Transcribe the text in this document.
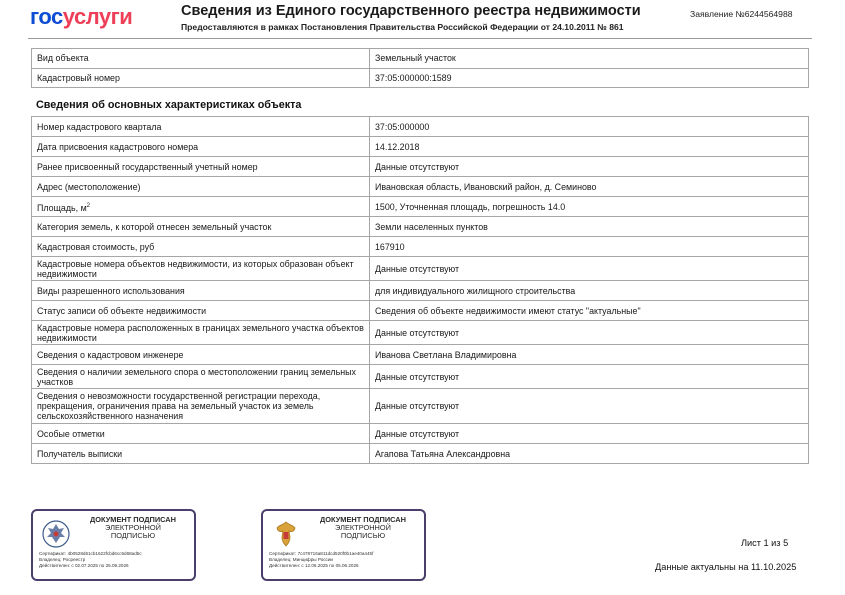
госуслуги	Сведения из Единого государственного реестра недвижимости
Предоставляются в рамках Постановления Правительства Российской Федерации от 24.10.2011 № 861
Заявление №6244564988
Вид объекта	Земельный участок
Кадастровый номер	37:05:000000:1589
Сведения об основных характеристиках объекта
Номер кадастрового квартала	37:05:000000
Дата присвоения кадастрового номера	14.12.2018
Ранее присвоенный государственный учетный номер	Данные отсутствуют
Адрес (местоположение)	Ивановская область, Ивановский район, д. Семиново
Площадь, $м^2$	1500, Уточненная площадь, погрешность 14.0
Категория земель, к которой отнесен земельный участок	Земли населенных пунктов
Кадастровая стоимость, руб	167910
Кадастровые номера объектов недвижимости, из которых образован объект недвижимости	Данные отсутствуют
Виды разрешенного использования	для индивидуального жилищного строительства
Статус записи об объекте недвижимости	Сведения об объекте недвижимости имеют статус "актуальные"
Кадастровые номера расположенных в границах земельного участка объектов недвижимости	Данные отсутствуют
Сведения о кадастровом инженере	Иванова Светлана Владимировна
Сведения о наличии земельного спора о местоположении границ земельных участков	Данные отсутствуют
Сведения о невозможности государственной регистрации перехода, прекращения, ограничения права на земельный участок из земель сельскохозяйственного назначения	Данные отсутствуют
Особые отметки	Данные отсутствуют
Получатель выписки	Агапова Татьяна Александровна
ДОКУМЕНТ ПОДПИСАН
ЭЛЕКТРОННОЙ
ПОДПИСЬЮ
Сертификат: 4b0528d61cb1622fcbd6cc6d68ad5c
Владелец: Росреестр
Действителен: с 02.07.2025 по 25.09.2026
ДОКУМЕНТ ПОДПИСАН
ЭЛЕКТРОННОЙ
ПОДПИСЬЮ
Сертификат: 7c478716a811dcd520f0b1ae40a445f
Владелец: Минцифры России
Действителен: с 12.06.2025 по 05.06.2026
Лист 1 из 5
Данные актуальны на 11.10.2025
